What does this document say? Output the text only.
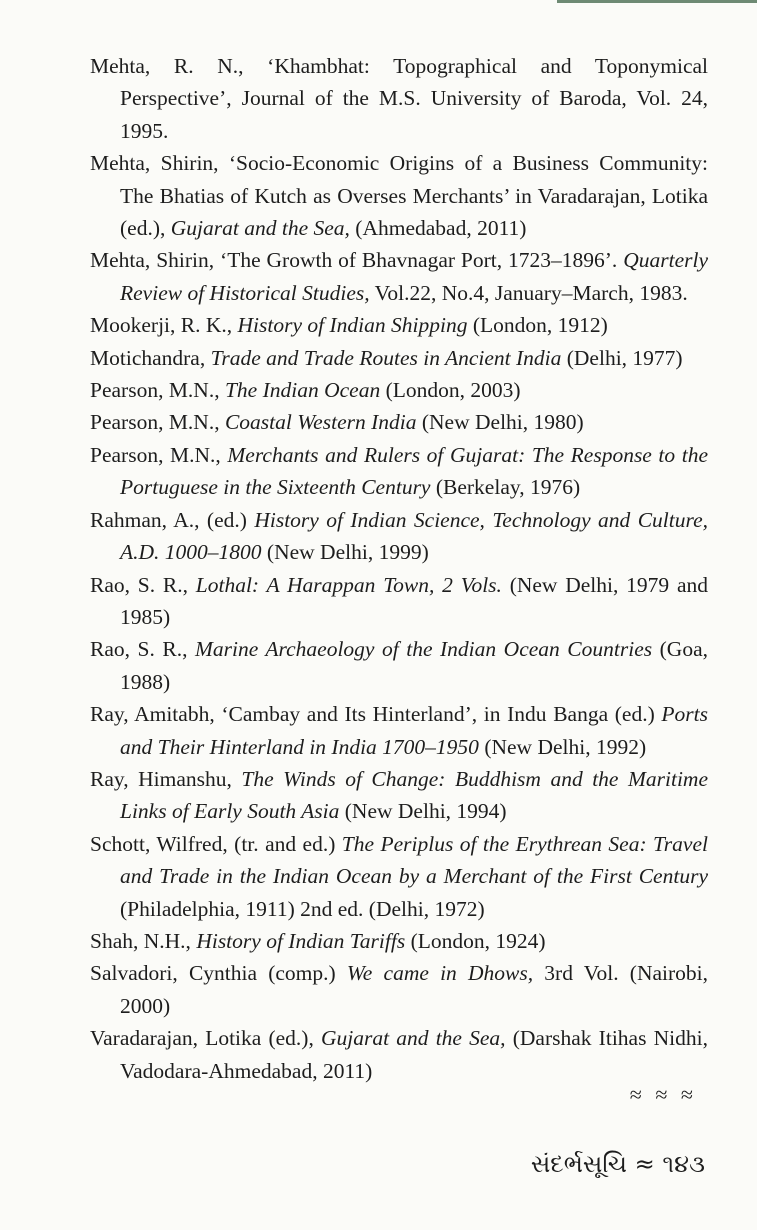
Mehta, R. N., ‘Khambhat: Topographical and Toponymical Perspective’, Journal of the M.S. University of Baroda, Vol. 24, 1995.
Mehta, Shirin, ‘Socio-Economic Origins of a Business Community: The Bhatias of Kutch as Overses Merchants’ in Varadarajan, Lotika (ed.), Gujarat and the Sea, (Ahmedabad, 2011)
Mehta, Shirin, ‘The Growth of Bhavnagar Port, 1723–1896’. Quarterly Review of Historical Studies, Vol.22, No.4, January–March, 1983.
Mookerji, R. K., History of Indian Shipping (London, 1912)
Motichandra, Trade and Trade Routes in Ancient India (Delhi, 1977)
Pearson, M.N., The Indian Ocean (London, 2003)
Pearson, M.N., Coastal Western India (New Delhi, 1980)
Pearson, M.N., Merchants and Rulers of Gujarat: The Response to the Portuguese in the Sixteenth Century (Berkelay, 1976)
Rahman, A., (ed.) History of Indian Science, Technology and Culture, A.D. 1000–1800 (New Delhi, 1999)
Rao, S. R., Lothal: A Harappan Town, 2 Vols. (New Delhi, 1979 and 1985)
Rao, S. R., Marine Archaeology of the Indian Ocean Countries (Goa, 1988)
Ray, Amitabh, ‘Cambay and Its Hinterland’, in Indu Banga (ed.) Ports and Their Hinterland in India 1700–1950 (New Delhi, 1992)
Ray, Himanshu, The Winds of Change: Buddhism and the Maritime Links of Early South Asia (New Delhi, 1994)
Schott, Wilfred, (tr. and ed.) The Periplus of the Erythrean Sea: Travel and Trade in the Indian Ocean by a Merchant of the First Century (Philadelphia, 1911) 2nd ed. (Delhi, 1972)
Shah, N.H., History of Indian Tariffs (London, 1924)
Salvadori, Cynthia (comp.) We came in Dhows, 3rd Vol. (Nairobi, 2000)
Varadarajan, Lotika (ed.), Gujarat and the Sea, (Darshak Itihas Nidhi, Vadodara-Ahmedabad, 2011)
≈ ≈ ≈
સંદર્ભસૂચિ ≈ ૧૪૩
